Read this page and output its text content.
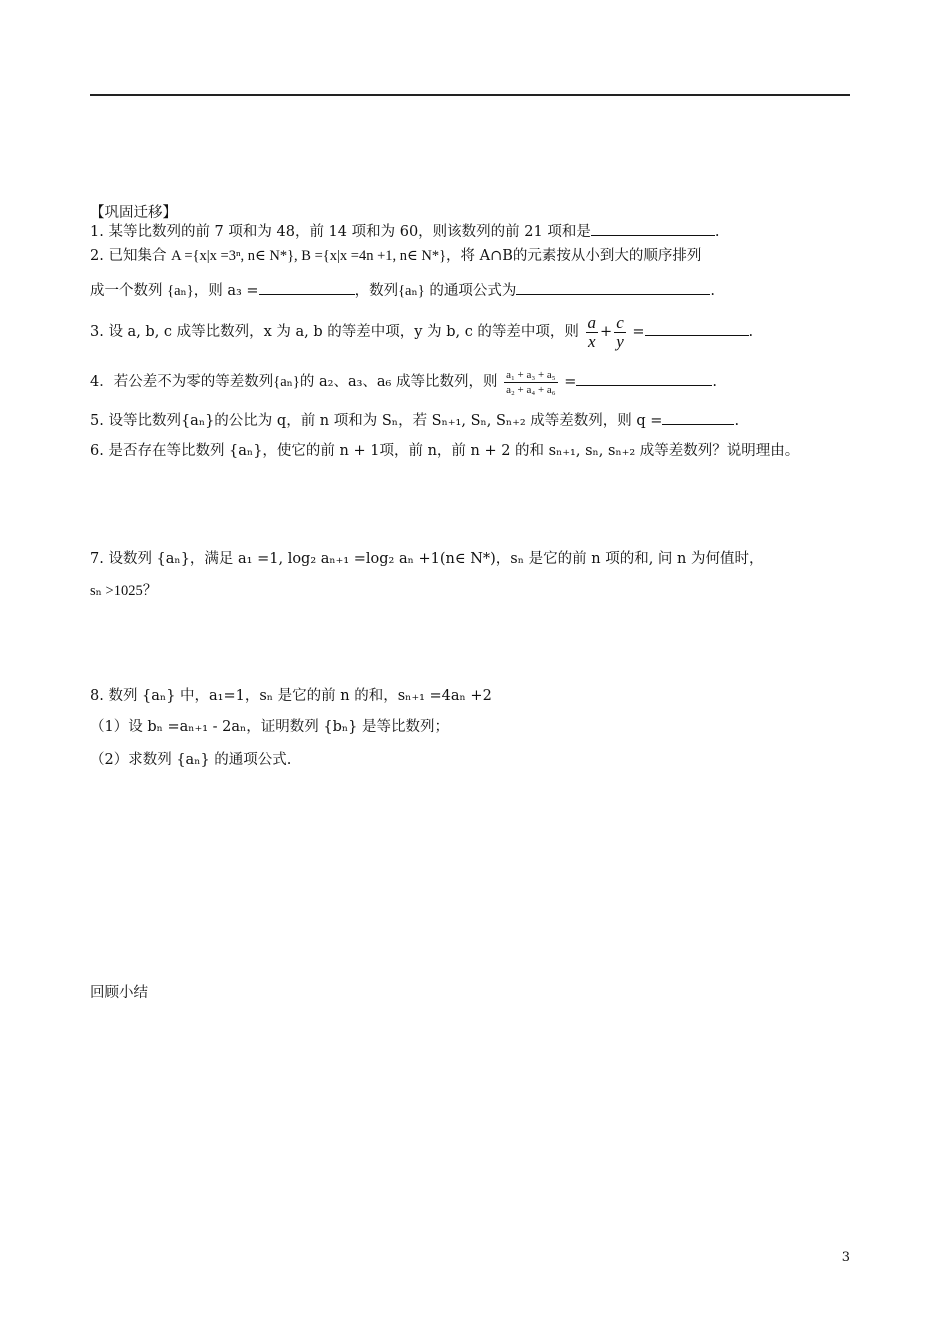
【巩固迁移】
1. 某等比数列的前 7 项和为 48，前 14 项和为 60，则该数列的前 21 项和是	.
2. 已知集合 A ={x|x =3ⁿ, n∈ N*}, B ={x|x =4n +1, n∈ N*}，将 A∩B的元素按从小到大的顺序排列
成一个数列 {aₙ}，则 a₃ =	，数列{aₙ} 的通项公式为	.
3. 设 a, b, c 成等比数列，x 为 a, b 的等差中项，y 为 b, c 的等差中项，则 $\frac{a}{x} + \frac{c}{y}$ =	.
4．若公差不为零的等差数列{aₙ}的 a₂、a₃、a₆ 成等比数列，则 $\frac{\text{a₁ + a₃ + a₅}}{\text{a₂ + a₄ + a₆}}$ =	.
5. 设等比数列{aₙ}的公比为 q，前 n 项和为 Sₙ，若 Sₙ₊₁, Sₙ, Sₙ₊₂ 成等差数列，则 q =	.
6. 是否存在等比数列 {aₙ}，使它的前 n + 1项，前 n，前 n + 2 的和 sₙ₊₁, sₙ, sₙ₊₂ 成等差数列？说明理由。
7. 设数列 {aₙ}，满足 a₁ =1, log₂ aₙ₊₁ =log₂ aₙ +1(n∈ N*)，sₙ 是它的前 n 项的和, 问 n 为何值时，
sₙ >1025？
8. 数列 {aₙ} 中，a₁=1，sₙ 是它的前 n 的和，sₙ₊₁ =4aₙ +2
（1）设 bₙ =aₙ₊₁ - 2aₙ，证明数列 {bₙ} 是等比数列；
（2）求数列 {aₙ} 的通项公式.
回顾小结
3
